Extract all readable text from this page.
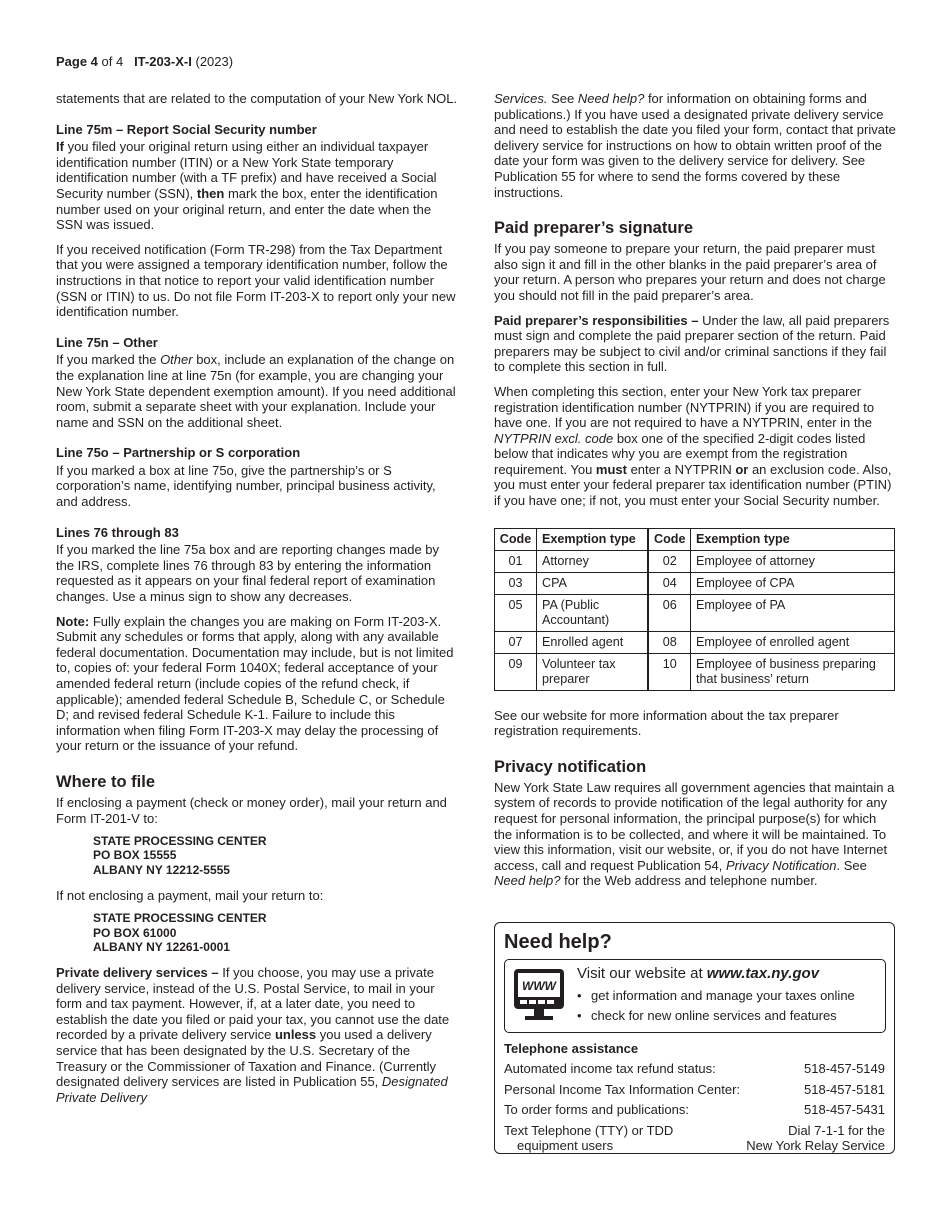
Page 4 of 4 IT-203-X-I (2023)

statements that are related to the computation of your New York NOL.

Line 75m – Report Social Security number

If you filed your original return using either an individual taxpayer identification number (ITIN) or a New York State temporary identification number (with a TF prefix) and have received a Social Security number (SSN), then mark the box, enter the identification number used on your original return, and enter the date when the SSN was issued.

If you received notification (Form TR-298) from the Tax Department that you were assigned a temporary identification number, follow the instructions in that notice to report your valid identification number (SSN or ITIN) to us. Do not file Form IT-203-X to report only your new identification number.

Line 75n – Other

If you marked the Other box, include an explanation of the change on the explanation line at line 75n (for example, you are changing your New York State dependent exemption amount). If you need additional room, submit a separate sheet with your explanation. Include your name and SSN on the additional sheet.

Line 75o – Partnership or S corporation

If you marked a box at line 75o, give the partnership’s or S corporation’s name, identifying number, principal business activity, and address.

Lines 76 through 83

If you marked the line 75a box and are reporting changes made by the IRS, complete lines 76 through 83 by entering the information requested as it appears on your final federal report of examination changes. Use a minus sign to show any decreases.

Note: Fully explain the changes you are making on Form IT-203-X. Submit any schedules or forms that apply, along with any available federal documentation. Documentation may include, but is not limited to, copies of: your federal Form 1040X; federal acceptance of your amended federal return (include copies of the refund check, if applicable); amended federal Schedule B, Schedule C, or Schedule D; and revised federal Schedule K-1. Failure to include this information when filing Form IT-203-X may delay the processing of your return or the issuance of your refund.

Where to file

If enclosing a payment (check or money order), mail your return and Form IT-201-V to:

STATE PROCESSING CENTER
PO BOX 15555
ALBANY NY 12212-5555

If not enclosing a payment, mail your return to:

STATE PROCESSING CENTER
PO BOX 61000
ALBANY NY 12261-0001

Private delivery services – If you choose, you may use a private delivery service, instead of the U.S. Postal Service, to mail in your form and tax payment. However, if, at a later date, you need to establish the date you filed or paid your tax, you cannot use the date recorded by a private delivery service unless you used a delivery service that has been designated by the U.S. Secretary of the Treasury or the Commissioner of Taxation and Finance. (Currently designated delivery services are listed in Publication 55, Designated Private Delivery

Services. See Need help? for information on obtaining forms and publications.) If you have used a designated private delivery service and need to establish the date you filed your form, contact that private delivery service for instructions on how to obtain written proof of the date your form was given to the delivery service for delivery. See Publication 55 for where to send the forms covered by these instructions.

Paid preparer’s signature

If you pay someone to prepare your return, the paid preparer must also sign it and fill in the other blanks in the paid preparer’s area of your return. A person who prepares your return and does not charge you should not fill in the paid preparer’s area.

Paid preparer’s responsibilities – Under the law, all paid preparers must sign and complete the paid preparer section of the return. Paid preparers may be subject to civil and/or criminal sanctions if they fail to complete this section in full.

When completing this section, enter your New York tax preparer registration identification number (NYTPRIN) if you are required to have one. If you are not required to have a NYTPRIN, enter in the NYTPRIN excl. code box one of the specified 2-digit codes listed below that indicates why you are exempt from the registration requirement. You must enter a NYTPRIN or an exclusion code. Also, you must enter your federal preparer tax identification number (PTIN) if you have one; if not, you must enter your Social Security number.

Code	Exemption type	Code	Exemption type
01	Attorney	02	Employee of attorney
03	CPA	04	Employee of CPA
05	PA (Public Accountant)	06	Employee of PA
07	Enrolled agent	08	Employee of enrolled agent
09	Volunteer tax preparer	10	Employee of business preparing that business’ return

See our website for more information about the tax preparer registration requirements.

Privacy notification

New York State Law requires all government agencies that maintain a system of records to provide notification of the legal authority for any request for personal information, the principal purpose(s) for which the information is to be collected, and where it will be maintained. To view this information, visit our website, or, if you do not have Internet access, call and request Publication 54, Privacy Notification. See Need help? for the Web address and telephone number.

Need help?
WWW
Visit our website at www.tax.ny.gov
• get information and manage your taxes online
• check for new online services and features
Telephone assistance
Automated income tax refund status:	518-457-5149
Personal Income Tax Information Center:	518-457-5181
To order forms and publications:	518-457-5431
Text Telephone (TTY) or TDD
equipment users
Dial 7-1-1 for the
New York Relay Service
